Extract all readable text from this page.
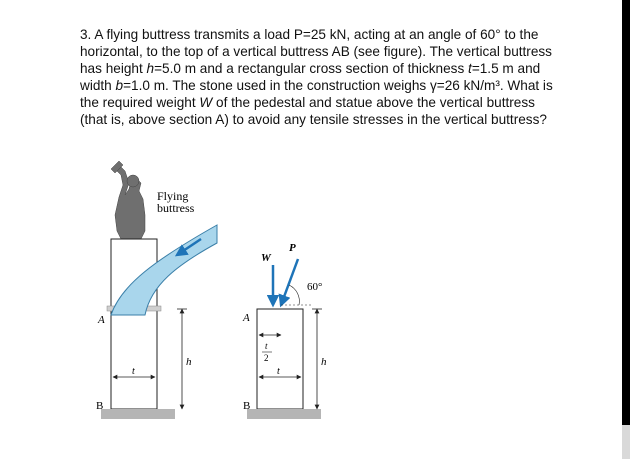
3. A flying buttress transmits a load P=25 kN, acting at an angle of 60° to the horizontal, to the top of a vertical buttress AB (see figure). The vertical buttress has height h=5.0 m and a rectangular cross section of thickness t=1.5 m and width b=1.0 m. The stone used in the construction weighs γ=26 kN/m³. What is the required weight W of the pedestal and statue above the vertical buttress (that is, above section A) to avoid any tensile stresses in the vertical buttress?

Flying
buttress
A
B
t
h
P
W
60°
A
B
t
2
t
h
